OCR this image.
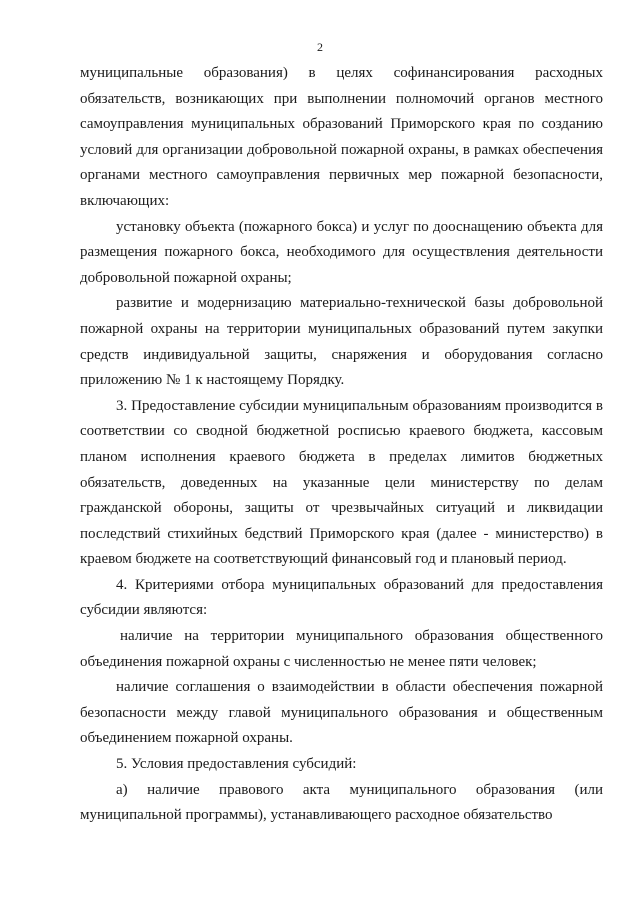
2

муниципальные образования) в целях софинансирования расходных обязательств, возникающих при выполнении полномочий органов местного самоуправления муниципальных образований Приморского края по созданию условий для организации добровольной пожарной охраны, в рамках обеспечения органами местного самоуправления первичных мер пожарной безопасности, включающих:

установку объекта (пожарного бокса) и услуг по дооснащению объекта для размещения пожарного бокса, необходимого для осуществления деятельности добровольной пожарной охраны;

развитие и модернизацию материально-технической базы добровольной пожарной охраны на территории муниципальных образований путем закупки средств индивидуальной защиты, снаряжения и оборудования согласно приложению № 1 к настоящему Порядку.

3. Предоставление субсидии муниципальным образованиям производится в соответствии со сводной бюджетной росписью краевого бюджета, кассовым планом исполнения краевого бюджета в пределах лимитов бюджетных обязательств, доведенных на указанные цели министерству по делам гражданской обороны, защиты от чрезвычайных ситуаций и ликвидации последствий стихийных бедствий Приморского края (далее - министерство) в краевом бюджете на соответствующий финансовый год и плановый период.

4. Критериями отбора муниципальных образований для предоставления субсидии являются:

наличие на территории муниципального образования общественного объединения пожарной охраны с численностью не менее пяти человек;

наличие соглашения о взаимодействии в области обеспечения пожарной безопасности между главой муниципального образования и общественным объединением пожарной охраны.

5. Условия предоставления субсидий:

а) наличие правового акта муниципального образования (или муниципальной программы), устанавливающего расходное обязательство
